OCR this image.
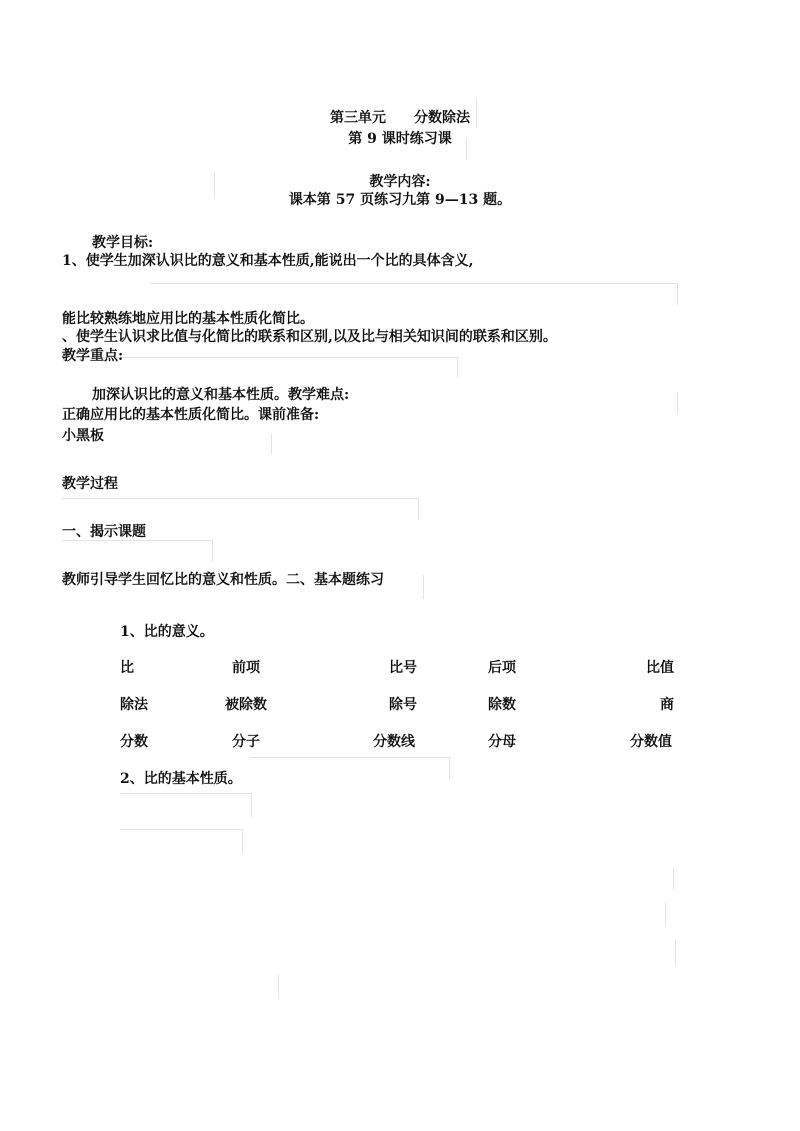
第三单元　　分数除法
第 9 课时练习课
教学内容:
课本第 57 页练习九第 9—13 题。
教学目标:
1、使学生加深认识比的意义和基本性质,能说出一个比的具体含义,
能比较熟练地应用比的基本性质化简比。
、使学生认识求比值与化简比的联系和区别,以及比与相关知识间的联系和区别。
教学重点:
加深认识比的意义和基本性质。教学难点:
正确应用比的基本性质化简比。课前准备:
小黑板
教学过程
一、揭示课题
教师引导学生回忆比的意义和性质。二、基本题练习
1、比的意义。
比	前项	比号	后项	比值
除法	被除数	除号	除数	商
分数	分子	分数线	分母	分数值
2、比的基本性质。
